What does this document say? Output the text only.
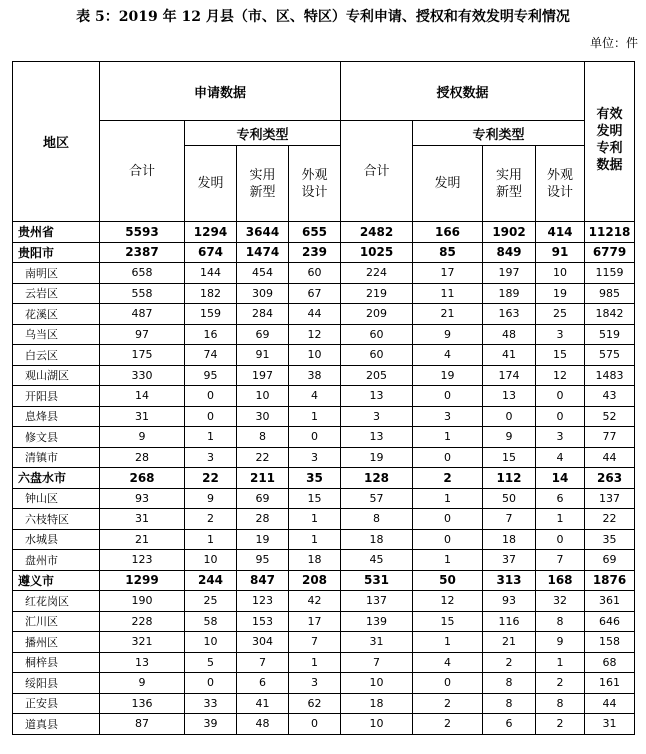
表 5：2019 年 12 月县（市、区、特区）专利申请、授权和有效发明专利情况
单位：件
地区	申请数据				授权数据				有效发明专利数据

	合计	专利类型			合计	专利类型			
		发明	实用新型	外观设计		发明	实用新型	外观设计	

贵州省	5593	1294	3644	655	2482	166	1902	414	11218
贵阳市	2387	674	1474	239	1025	85	849	91	6779
南明区	658	144	454	60	224	17	197	10	1159
云岩区	558	182	309	67	219	11	189	19	985
花溪区	487	159	284	44	209	21	163	25	1842
乌当区	97	16	69	12	60	9	48	3	519
白云区	175	74	91	10	60	4	41	15	575
观山湖区	330	95	197	38	205	19	174	12	1483
开阳县	14	0	10	4	13	0	13	0	43
息烽县	31	0	30	1	3	3	0	0	52
修文县	9	1	8	0	13	1	9	3	77
清镇市	28	3	22	3	19	0	15	4	44
六盘水市	268	22	211	35	128	2	112	14	263
钟山区	93	9	69	15	57	1	50	6	137
六枝特区	31	2	28	1	8	0	7	1	22
水城县	21	1	19	1	18	0	18	0	35
盘州市	123	10	95	18	45	1	37	7	69
遵义市	1299	244	847	208	531	50	313	168	1876
红花岗区	190	25	123	42	137	12	93	32	361
汇川区	228	58	153	17	139	15	116	8	646
播州区	321	10	304	7	31	1	21	9	158
桐梓县	13	5	7	1	7	4	2	1	68
绥阳县	9	0	6	3	10	0	8	2	161
正安县	136	33	41	62	18	2	8	8	44
道真县	87	39	48	0	10	2	6	2	31
